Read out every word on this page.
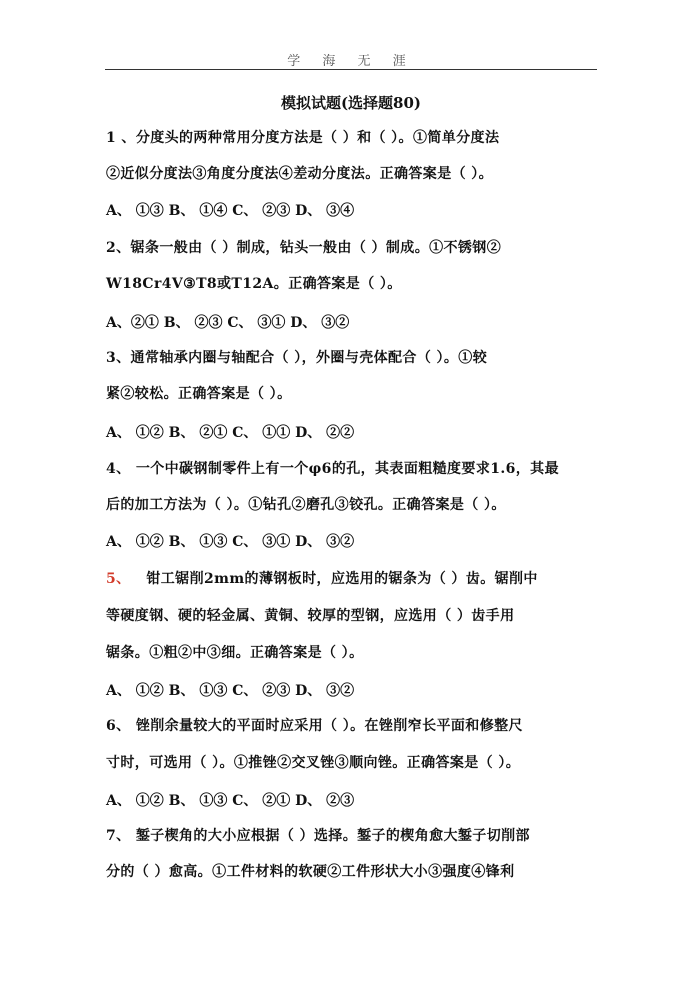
学 海 无 涯
模拟试题(选择题80)
1 、分度头的两种常用分度方法是（ ）和（ ）。①简单分度法
②近似分度法③角度分度法④差动分度法。正确答案是（ ）。
A、 ①③ B、 ①④ C、 ②③ D、 ③④
2、锯条一般由（ ）制成，钻头一般由（ ）制成。①不锈钢②
W18Cr4V③T8或T12A。正确答案是（ ）。
A、②① B、 ②③ C、 ③① D、 ③②
3、通常轴承内圈与轴配合（ ），外圈与壳体配合（ ）。①较
紧②较松。正确答案是（ ）。
A、 ①② B、 ②① C、 ①① D、 ②②
4、 一个中碳钢制零件上有一个φ6的孔，其表面粗糙度要求1.6，其最
后的加工方法为（ ）。①钻孔②磨孔③铰孔。正确答案是（ ）。
A、 ①② B、 ①③ C、 ③① D、 ③②
5、 钳工锯削2mm的薄钢板时，应选用的锯条为（ ）齿。锯削中
等硬度钢、硬的轻金属、黄铜、较厚的型钢，应选用（ ）齿手用
锯条。①粗②中③细。正确答案是（ ）。
A、 ①② B、 ①③ C、 ②③ D、 ③②
6、 锉削余量较大的平面时应采用（ ）。在锉削窄长平面和修整尺
寸时，可选用（ ）。①推锉②交叉锉③顺向锉。正确答案是（ ）。
A、 ①② B、 ①③ C、 ②① D、 ②③
7、 錾子楔角的大小应根据（ ）选择。錾子的楔角愈大錾子切削部
分的（ ）愈高。①工件材料的软硬②工件形状大小③强度④锋利
